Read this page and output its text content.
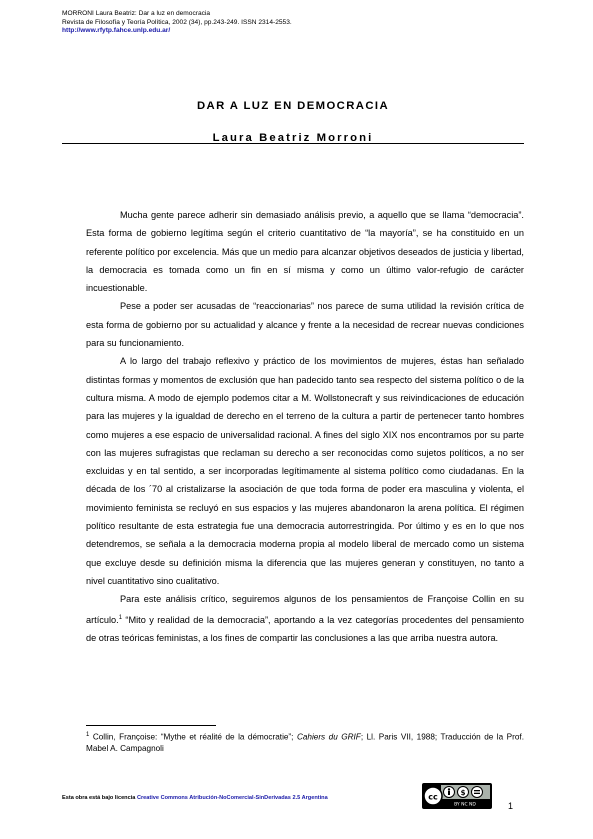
MORRONI Laura Beatriz: Dar a luz en democracia
Revista de Filosofía y Teoría Política, 2002 (34), pp.243-249. ISSN 2314-2553.
http://www.rfytp.fahce.unlp.edu.ar/
DAR A LUZ EN DEMOCRACIA
Laura Beatriz Morroni

Mucha gente parece adherir sin demasiado análisis previo, a aquello que se llama “democracia”. Esta forma de gobierno legítima según el criterio cuantitativo de “la mayoría”, se ha constituido en un referente político por excelencia. Más que un medio para alcanzar objetivos deseados de justicia y libertad, la democracia es tomada como un fin en sí misma y como un último valor-refugio de carácter incuestionable.

Pese a poder ser acusadas de “reaccionarias” nos parece de suma utilidad la revisión crítica de esta forma de gobierno por su actualidad y alcance y frente a la necesidad de recrear nuevas condiciones para su funcionamiento.

A lo largo del trabajo reflexivo y práctico de los movimientos de mujeres, éstas han señalado distintas formas y momentos de exclusión que han padecido tanto sea respecto del sistema político o de la cultura misma. A modo de ejemplo podemos citar a M. Wollstonecraft y sus reivindicaciones de educación para las mujeres y la igualdad de derecho en el terreno de la cultura a partir de pertenecer tanto hombres como mujeres a ese espacio de universalidad racional. A fines del siglo XIX nos encontramos por su parte con las mujeres sufragistas que reclaman su derecho a ser reconocidas como sujetos políticos, a no ser excluidas y en tal sentido, a ser incorporadas legítimamente al sistema político como ciudadanas. En la década de los ´70 al cristalizarse la asociación de que toda forma de poder era masculina y violenta, el movimiento feminista se recluyó en sus espacios y las mujeres abandonaron la arena política. El régimen político resultante de esta estrategia fue una democracia autorrestringida. Por último y es en lo que nos detendremos, se señala a la democracia moderna propia al modelo liberal de mercado como un sistema que excluye desde su definición misma la diferencia que las mujeres generan y constituyen, no tanto a nivel cuantitativo sino cualitativo.

Para este análisis crítico, seguiremos algunos de los pensamientos de Françoise Collin en su artículo.$^1$ “Mito y realidad de la democracia”, aportando a la vez categorías procedentes del pensamiento de otras teóricas feministas, a los fines de compartir las conclusiones a las que arriba nuestra autora.

$^1$ Collin, Françoise: “Mythe et réalité de la démocratie”; Cahiers du GRIF; Ll. Paris VII, 1988; Traducción de la Prof. Mabel A. Campagnoli
Esta obra está bajo licencia Creative Commons Atribución-NoComercial-SinDerivadas 2.5 Argentina	cc	$
BY NC ND	1
